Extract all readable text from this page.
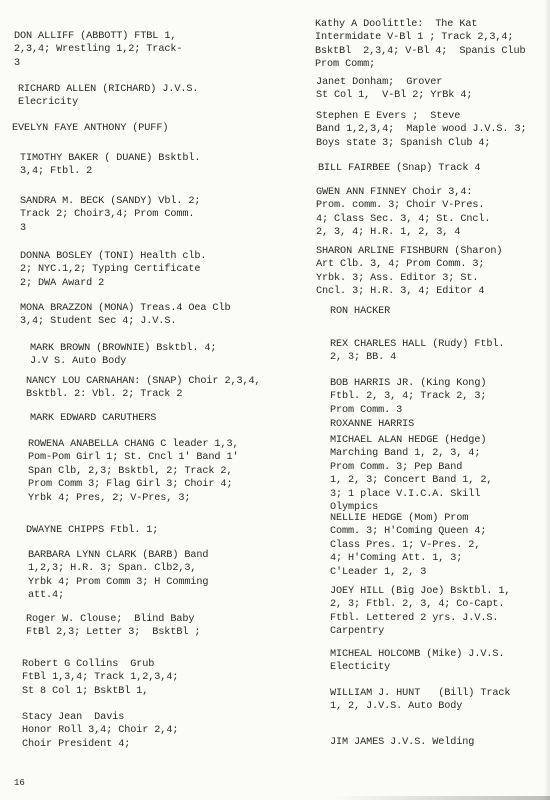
DON ALLIFF (ABBOTT) FTBL 1,
2,3,4; Wrestling 1,2; Track-
3
RICHARD ALLEN (RICHARD) J.V.S.
Elecricity
EVELYN FAYE ANTHONY (PUFF)
TIMOTHY BAKER ( DUANE) Bsktbl.
3,4; Ftbl. 2
SANDRA M. BECK (SANDY) Vbl. 2;
Track 2; Choir3,4; Prom Comm.
3
DONNA BOSLEY (TONI) Health clb.
2; NYC.1,2; Typing Certificate
2; DWA Award 2
MONA BRAZZON (MONA) Treas.4 Oea Clb
3,4; Student Sec 4; J.V.S.
MARK BROWN (BROWNIE) Bsktbl. 4;
J.V S. Auto Body
NANCY LOU CARNAHAN: (SNAP) Choir 2,3,4,
Bsktbl. 2: Vbl. 2; Track 2
MARK EDWARD CARUTHERS
ROWENA ANABELLA CHANG C leader 1,3,
Pom-Pom Girl 1; St. Cncl 1' Band 1'
Span Clb, 2,3; Bsktbl, 2; Track 2,
Prom Comm 3; Flag Girl 3; Choir 4;
Yrbk 4; Pres, 2; V-Pres, 3;
DWAYNE CHIPPS Ftbl. 1;
BARBARA LYNN CLARK (BARB) Band
1,2,3; H.R. 3; Span. Clb2,3,
Yrbk 4; Prom Comm 3; H Comming
att.4;
Roger W. Clouse;  Blind Baby
FtBl 2,3; Letter 3;  BsktBl ;
Robert G Collins  Grub
FtBl 1,3,4; Track 1,2,3,4;
St 8 Col 1; BsktBl 1,
Stacy Jean  Davis
Honor Roll 3,4; Choir 2,4;
Choir President 4;
Kathy A Doolittle:  The Kat
Intermidate V-Bl 1 ; Track 2,3,4;
BsktBl  2,3,4; V-Bl 4;  Spanis Club
Prom Comm;
Janet Donham;  Grover
St Col 1,  V-Bl 2; YrBk 4;
Stephen E Evers ;  Steve
Band 1,2,3,4;  Maple wood J.V.S. 3;
Boys state 3; Spanish Club 4;
BILL FAIRBEE (Snap) Track 4
GWEN ANN FINNEY Choir 3,4:
Prom. comm. 3; Choir V-Pres.
4; Class Sec. 3, 4; St. Cncl.
2, 3, 4; H.R. 1, 2, 3, 4
SHARON ARLINE FISHBURN (Sharon)
Art Clb. 3, 4; Prom Comm. 3;
Yrbk. 3; Ass. Editor 3; St.
Cncl. 3; H.R. 3, 4; Editor 4
RON HACKER
REX CHARLES HALL (Rudy) Ftbl.
2, 3; BB. 4
BOB HARRIS JR. (King Kong)
Ftbl. 2, 3, 4; Track 2, 3;
Prom Comm. 3
ROXANNE HARRIS
MICHAEL ALAN HEDGE (Hedge)
Marching Band 1, 2, 3, 4;
Prom Comm. 3; Pep Band
1, 2, 3; Concert Band 1, 2,
3; 1 place V.I.C.A. Skill
Olympics
NELLIE HEDGE (Mom) Prom
Comm. 3; H'Coming Queen 4;
Class Pres. 1; V-Pres. 2,
4; H'Coming Att. 1, 3;
C'Leader 1, 2, 3
JOEY HILL (Big Joe) Bsktbl. 1,
2, 3; Ftbl. 2, 3, 4; Co-Capt.
Ftbl. Lettered 2 yrs. J.V.S.
Carpentry
MICHEAL HOLCOMB (Mike) J.V.S.
Electicity
WILLIAM J. HUNT   (Bill) Track
1, 2, J.V.S. Auto Body
JIM JAMES J.V.S. Welding
16
